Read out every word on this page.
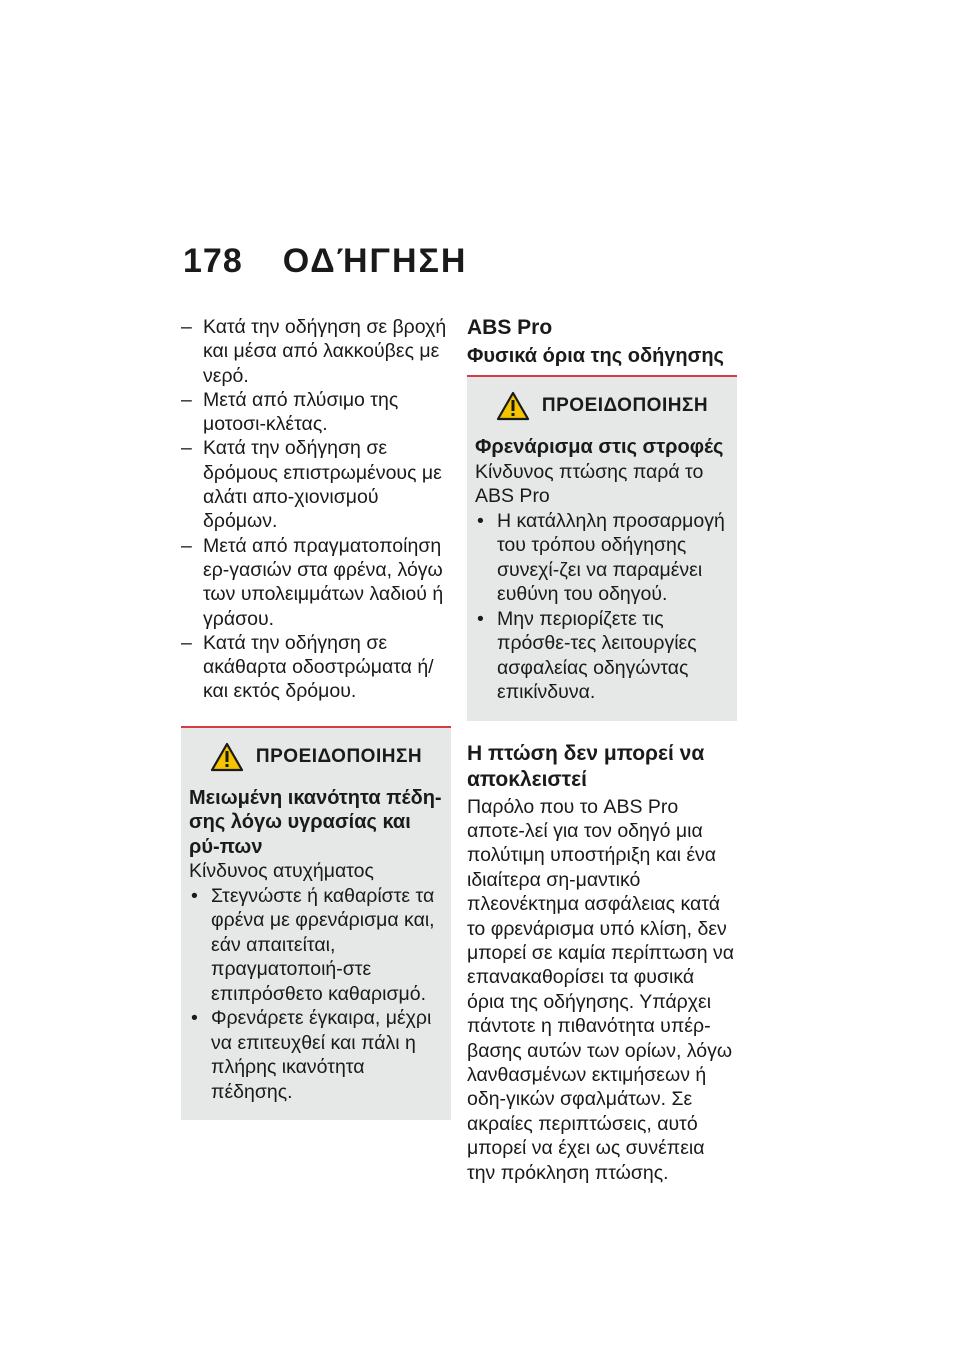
178 ΟΔΉΓΗΣΗ
– Κατά την οδήγηση σε βροχή και μέσα από λακκούβες με νερό.
– Μετά από πλύσιμο της μοτοσι-κλέτας.
– Κατά την οδήγηση σε δρόμους επιστρωμένους με αλάτι απο-χιονισμού δρόμων.
– Μετά από πραγματοποίηση ερ-γασιών στα φρένα, λόγω των υπολειμμάτων λαδιού ή γράσου.
– Κατά την οδήγηση σε ακάθαρτα οδοστρώματα ή/και εκτός δρόμου.
ΠΡΟΕΙΔΟΠΟΙΗΣΗ
Μειωμένη ικανότητα πέδη-σης λόγω υγρασίας και ρύ-πων
Κίνδυνος ατυχήματος
• Στεγνώστε ή καθαρίστε τα φρένα με φρενάρισμα και, εάν απαιτείται, πραγματοποιή-στε επιπρόσθετο καθαρισμό.
• Φρενάρετε έγκαιρα, μέχρι να επιτευχθεί και πάλι η πλήρης ικανότητα πέδησης.
ABS Pro
Φυσικά όρια της οδήγησης
ΠΡΟΕΙΔΟΠΟΙΗΣΗ
Φρενάρισμα στις στροφές
Κίνδυνος πτώσης παρά το ABS Pro
• Η κατάλληλη προσαρμογή του τρόπου οδήγησης συνεχί-ζει να παραμένει ευθύνη του οδηγού.
• Μην περιορίζετε τις πρόσθε-τες λειτουργίες ασφαλείας οδηγώντας επικίνδυνα.
Η πτώση δεν μπορεί να αποκλειστεί
Παρόλο που το ABS Pro αποτε-λεί για τον οδηγό μια πολύτιμη υποστήριξη και ένα ιδιαίτερα ση-μαντικό πλεονέκτημα ασφάλειας κατά το φρενάρισμα υπό κλίση, δεν μπορεί σε καμία περίπτωση να επανακαθορίσει τα φυσικά όρια της οδήγησης. Υπάρχει πάντοτε η πιθανότητα υπέρ-βασης αυτών των ορίων, λόγω λανθασμένων εκτιμήσεων ή οδη-γικών σφαλμάτων. Σε ακραίες περιπτώσεις, αυτό μπορεί να έχει ως συνέπεια την πρόκληση πτώσης.
